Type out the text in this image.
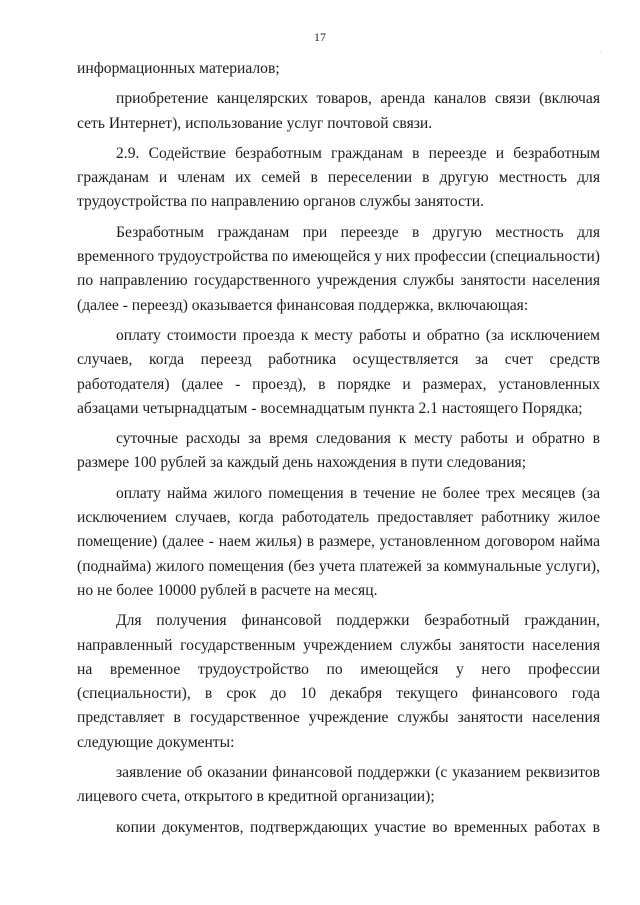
17
·

информационных материалов;

приобретение канцелярских товаров, аренда каналов связи (включая сеть Интернет), использование услуг почтовой связи.

2.9. Содействие безработным гражданам в переезде и безработным гражданам и членам их семей в переселении в другую местность для трудоустройства по направлению органов службы занятости.

Безработным гражданам при переезде в другую местность для временного трудоустройства по имеющейся у них профессии (специальности) по направлению государственного учреждения службы занятости населения (далее - переезд) оказывается финансовая поддержка, включающая:

оплату стоимости проезда к месту работы и обратно (за исключением случаев, когда переезд работника осуществляется за счет средств работодателя) (далее - проезд), в порядке и размерах, установленных абзацами четырнадцатым - восемнадцатым пункта 2.1 настоящего Порядка;

суточные расходы за время следования к месту работы и обратно в размере 100 рублей за каждый день нахождения в пути следования;

оплату найма жилого помещения в течение не более трех месяцев (за исключением случаев, когда работодатель предоставляет работнику жилое помещение) (далее - наем жилья) в размере, установленном договором найма (поднайма) жилого помещения (без учета платежей за коммунальные услуги), но не более 10000 рублей в расчете на месяц.

Для получения финансовой поддержки безработный гражданин, направленный государственным учреждением службы занятости населения на временное трудоустройство по имеющейся у него профессии (специальности), в срок до 10 декабря текущего финансового года представляет в государственное учреждение службы занятости населения следующие документы:

заявление об оказании финансовой поддержки (с указанием реквизитов лицевого счета, открытого в кредитной организации);

копии документов, подтверждающих участие во временных работах в
